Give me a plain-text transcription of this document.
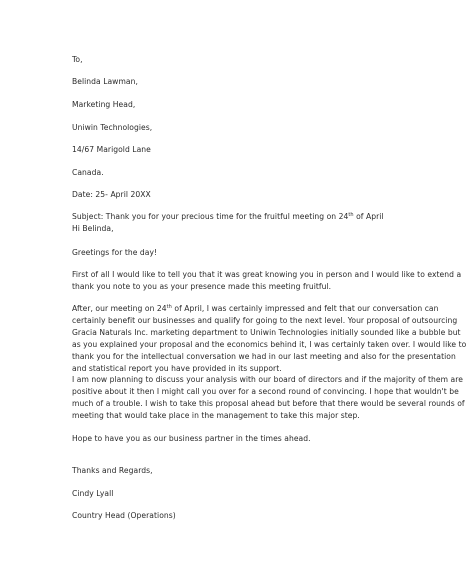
To,
Belinda Lawman,
Marketing Head,
Uniwin Technologies,
14/67 Marigold Lane
Canada.
Date: 25- April 20XX
Subject: Thank you for your precious time for the fruitful meeting on 24th of April
Hi Belinda,
Greetings for the day!
First of all I would like to tell you that it was great knowing you in person and I would like to extend a
thank you note to you as your presence made this meeting fruitful.
After, our meeting on 24th of April, I was certainly impressed and felt that our conversation can
certainly benefit our businesses and qualify for going to the next level. Your proposal of outsourcing
Gracia Naturals Inc. marketing department to Uniwin Technologies initially sounded like a bubble but
as you explained your proposal and the economics behind it, I was certainly taken over. I would like to
thank you for the intellectual conversation we had in our last meeting and also for the presentation
and statistical report you have provided in its support.
I am now planning to discuss your analysis with our board of directors and if the majority of them are
positive about it then I might call you over for a second round of convincing. I hope that wouldn't be
much of a trouble. I wish to take this proposal ahead but before that there would be several rounds of
meeting that would take place in the management to take this major step.
Hope to have you as our business partner in the times ahead.
Thanks and Regards,
Cindy Lyall
Country Head (Operations)
